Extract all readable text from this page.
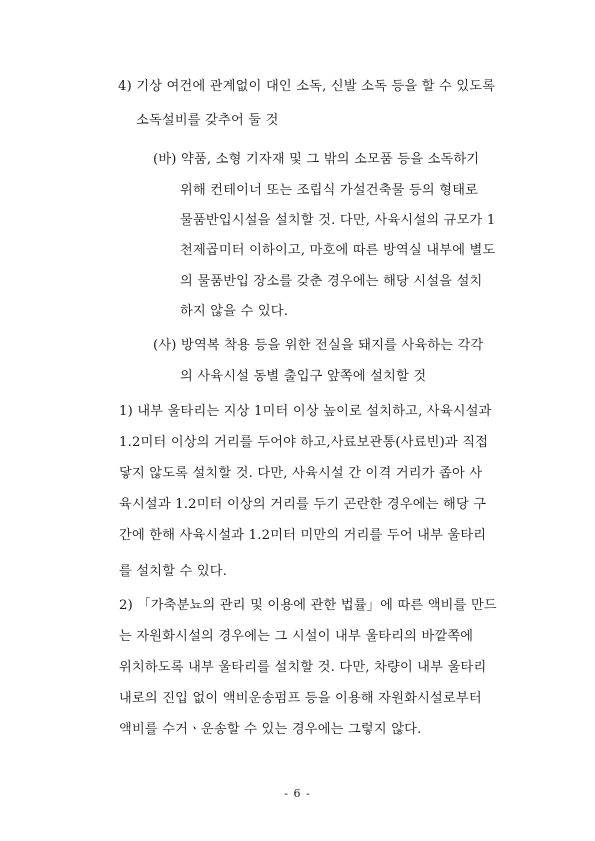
4) 기상 여건에 관계없이 대인 소독, 신발 소독 등을 할 수 있도록
소독설비를 갖추어 둘 것
(바) 약품, 소형 기자재 및 그 밖의 소모품 등을 소독하기
위해 컨테이너 또는 조립식 가설건축물 등의 형태로
물품반입시설을 설치할 것. 다만, 사육시설의 규모가 1
천제곱미터 이하이고, 마호에 따른 방역실 내부에 별도
의 물품반입 장소를 갖춘 경우에는 해당 시설을 설치
하지 않을 수 있다.
(사) 방역복 착용 등을 위한 전실을 돼지를 사육하는 각각
의 사육시설 동별 출입구 앞쪽에 설치할 것
1) 내부 울타리는 지상 1미터 이상 높이로 설치하고, 사육시설과
1.2미터 이상의 거리를 두어야 하고,사료보관통(사료빈)과 직접
닿지 않도록 설치할 것. 다만, 사육시설 간 이격 거리가 좁아 사
육시설과 1.2미터 이상의 거리를 두기 곤란한 경우에는 해당 구
간에 한해 사육시설과 1.2미터 미만의 거리를 두어 내부 울타리
를 설치할 수 있다.
2) 「가축분뇨의 관리 및 이용에 관한 법률」에 따른 액비를 만드
는 자원화시설의 경우에는 그 시설이 내부 울타리의 바깥쪽에
위치하도록 내부 울타리를 설치할 것. 다만, 차량이 내부 울타리
내로의 진입 없이 액비운송펌프 등을 이용해 자원화시설로부터
액비를 수거ㆍ운송할 수 있는 경우에는 그렇지 않다.
- 6 -
